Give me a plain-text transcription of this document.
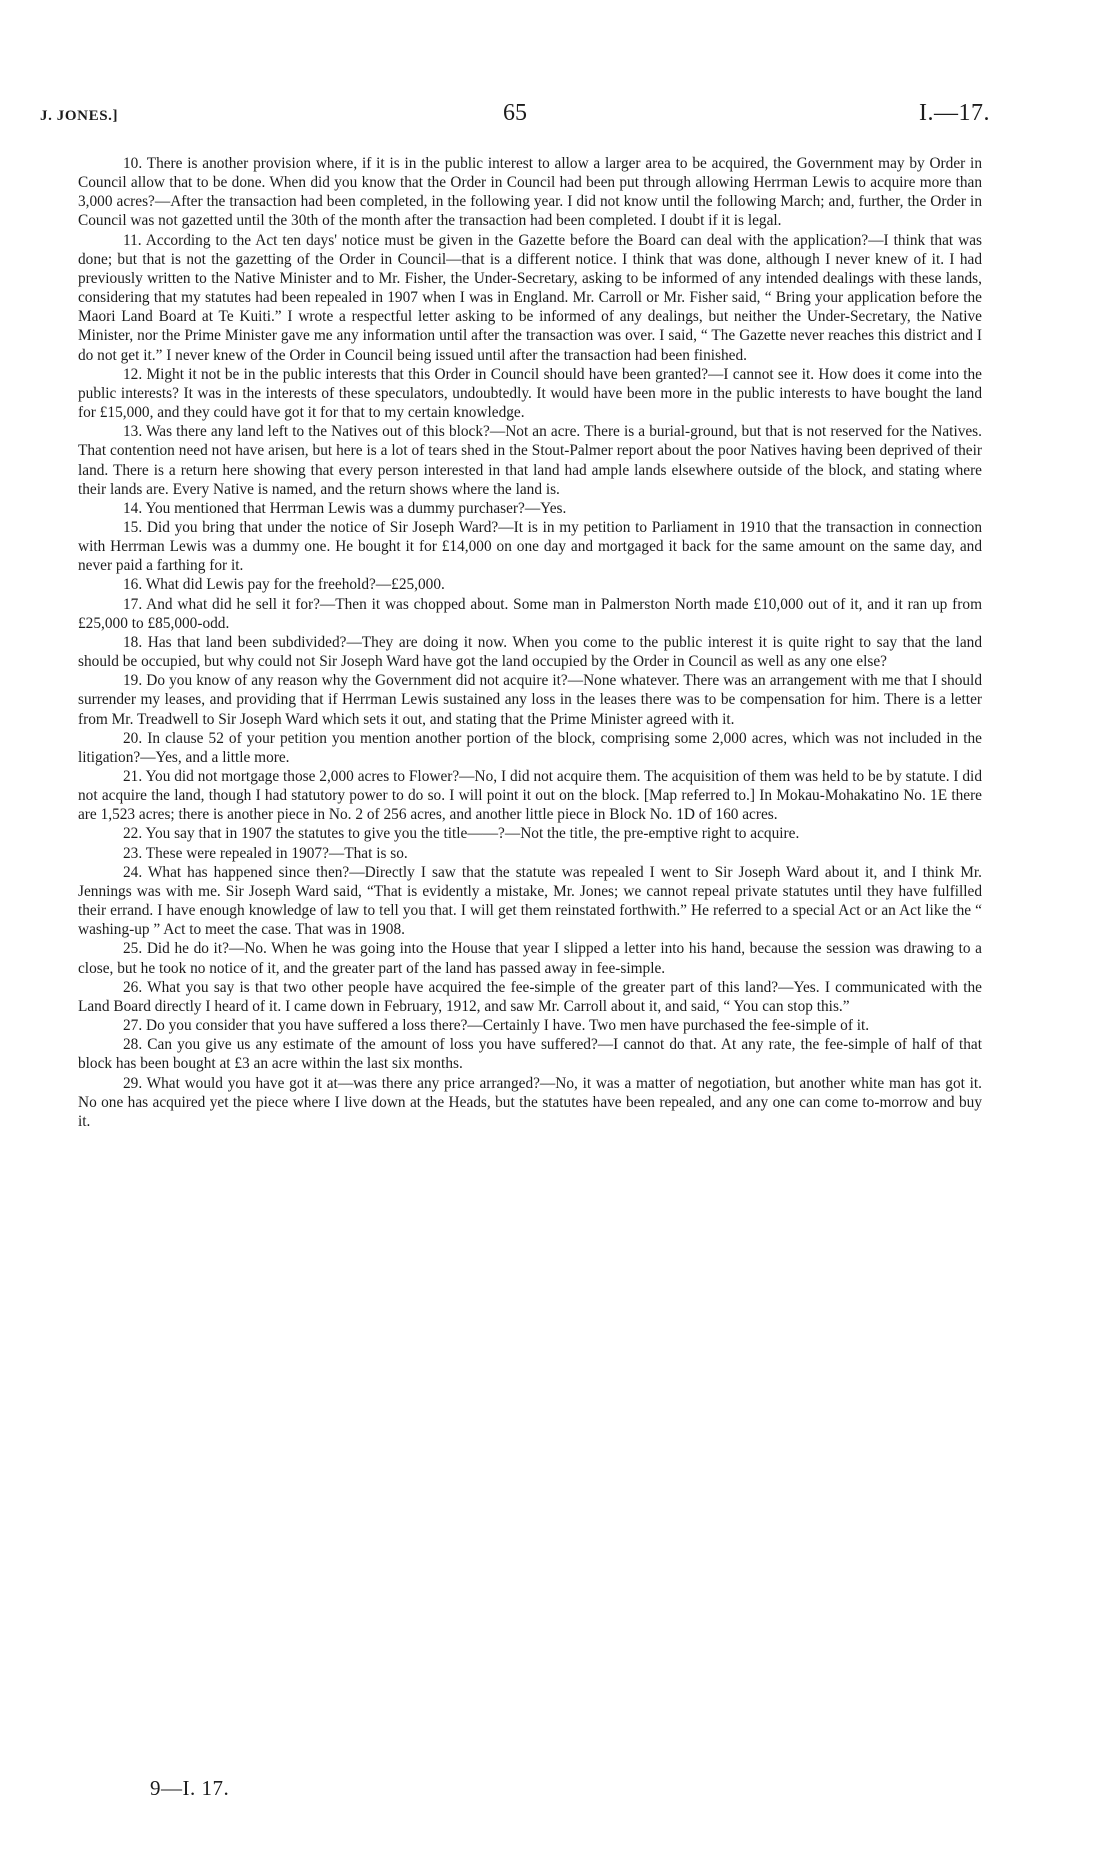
J. JONES.]	65	I.—17.

10. There is another provision where, if it is in the public interest to allow a larger area to be acquired, the Government may by Order in Council allow that to be done. When did you know that the Order in Council had been put through allowing Herrman Lewis to acquire more than 3,000 acres?—After the transaction had been completed, in the following year. I did not know until the following March; and, further, the Order in Council was not gazetted until the 30th of the month after the transaction had been completed. I doubt if it is legal.

11. According to the Act ten days' notice must be given in the Gazette before the Board can deal with the application?—I think that was done; but that is not the gazetting of the Order in Council—that is a different notice. I think that was done, although I never knew of it. I had previously written to the Native Minister and to Mr. Fisher, the Under-Secretary, asking to be informed of any intended dealings with these lands, considering that my statutes had been repealed in 1907 when I was in England. Mr. Carroll or Mr. Fisher said, “ Bring your application before the Maori Land Board at Te Kuiti.” I wrote a respectful letter asking to be informed of any dealings, but neither the Under-Secretary, the Native Minister, nor the Prime Minister gave me any information until after the transaction was over. I said, “ The Gazette never reaches this district and I do not get it.” I never knew of the Order in Council being issued until after the transaction had been finished.

12. Might it not be in the public interests that this Order in Council should have been granted?—I cannot see it. How does it come into the public interests? It was in the interests of these speculators, undoubtedly. It would have been more in the public interests to have bought the land for £15,000, and they could have got it for that to my certain knowledge.

13. Was there any land left to the Natives out of this block?—Not an acre. There is a burial-ground, but that is not reserved for the Natives. That contention need not have arisen, but here is a lot of tears shed in the Stout-Palmer report about the poor Natives having been deprived of their land. There is a return here showing that every person interested in that land had ample lands elsewhere outside of the block, and stating where their lands are. Every Native is named, and the return shows where the land is.

14. You mentioned that Herrman Lewis was a dummy purchaser?—Yes.

15. Did you bring that under the notice of Sir Joseph Ward?—It is in my petition to Parliament in 1910 that the transaction in connection with Herrman Lewis was a dummy one. He bought it for £14,000 on one day and mortgaged it back for the same amount on the same day, and never paid a farthing for it.

16. What did Lewis pay for the freehold?—£25,000.

17. And what did he sell it for?—Then it was chopped about. Some man in Palmerston North made £10,000 out of it, and it ran up from £25,000 to £85,000-odd.

18. Has that land been subdivided?—They are doing it now. When you come to the public interest it is quite right to say that the land should be occupied, but why could not Sir Joseph Ward have got the land occupied by the Order in Council as well as any one else?

19. Do you know of any reason why the Government did not acquire it?—None whatever. There was an arrangement with me that I should surrender my leases, and providing that if Herrman Lewis sustained any loss in the leases there was to be compensation for him. There is a letter from Mr. Treadwell to Sir Joseph Ward which sets it out, and stating that the Prime Minister agreed with it.

20. In clause 52 of your petition you mention another portion of the block, comprising some 2,000 acres, which was not included in the litigation?—Yes, and a little more.

21. You did not mortgage those 2,000 acres to Flower?—No, I did not acquire them. The acquisition of them was held to be by statute. I did not acquire the land, though I had statutory power to do so. I will point it out on the block. [Map referred to.] In Mokau-Mohakatino No. 1E there are 1,523 acres; there is another piece in No. 2 of 256 acres, and another little piece in Block No. 1D of 160 acres.

22. You say that in 1907 the statutes to give you the title——?—Not the title, the pre-emptive right to acquire.

23. These were repealed in 1907?—That is so.

24. What has happened since then?—Directly I saw that the statute was repealed I went to Sir Joseph Ward about it, and I think Mr. Jennings was with me. Sir Joseph Ward said, “That is evidently a mistake, Mr. Jones; we cannot repeal private statutes until they have fulfilled their errand. I have enough knowledge of law to tell you that. I will get them reinstated forthwith.” He referred to a special Act or an Act like the “ washing-up ” Act to meet the case. That was in 1908.

25. Did he do it?—No. When he was going into the House that year I slipped a letter into his hand, because the session was drawing to a close, but he took no notice of it, and the greater part of the land has passed away in fee-simple.

26. What you say is that two other people have acquired the fee-simple of the greater part of this land?—Yes. I communicated with the Land Board directly I heard of it. I came down in February, 1912, and saw Mr. Carroll about it, and said, “ You can stop this.”

27. Do you consider that you have suffered a loss there?—Certainly I have. Two men have purchased the fee-simple of it.

28. Can you give us any estimate of the amount of loss you have suffered?—I cannot do that. At any rate, the fee-simple of half of that block has been bought at £3 an acre within the last six months.

29. What would you have got it at—was there any price arranged?—No, it was a matter of negotiation, but another white man has got it. No one has acquired yet the piece where I live down at the Heads, but the statutes have been repealed, and any one can come to-morrow and buy it.

9—I. 17.
